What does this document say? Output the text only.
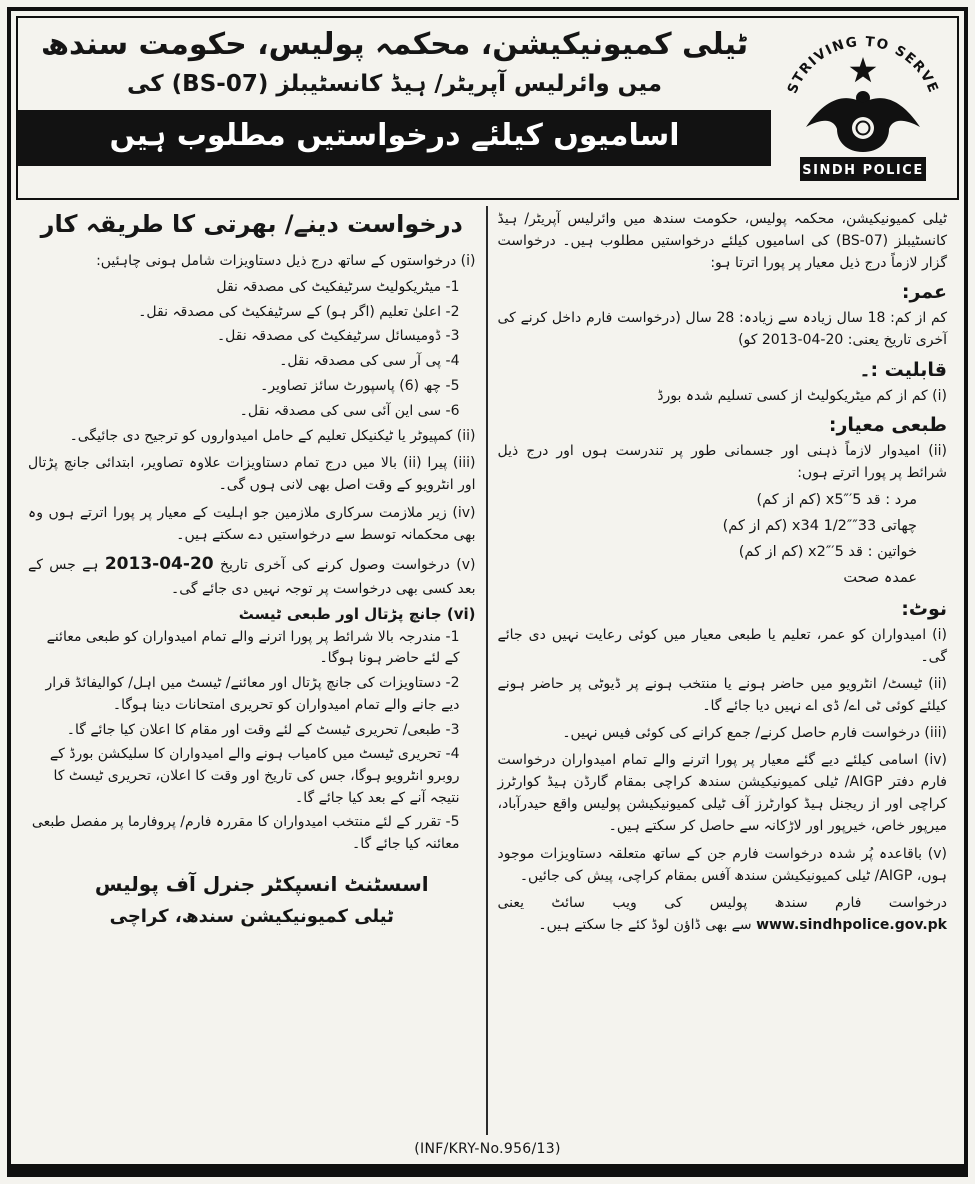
ٹیلی کمیونیکیشن، محکمہ پولیس، حکومت سندھ
میں وائرلیس آپریٹر/ ہیڈ کانسٹیبلز (BS-07) کی
اسامیوں کیلئے درخواستیں مطلوب ہیں
STRIVING TO SERVE
SINDH POLICE

ٹیلی کمیونیکیشن، محکمہ پولیس، حکومت سندھ میں وائرلیس آپریٹر/ ہیڈ کانسٹیبلز (BS-07) کی اسامیوں کیلئے درخواستیں مطلوب ہیں۔ درخواست گزار لازماً درج ذیل معیار پر پورا اترتا ہو:

عمر:

کم از کم: 18 سال زیادہ سے زیادہ: 28 سال (درخواست فارم داخل کرنے کی آخری تاریخ یعنی: 20-04-2013 کو)

قابلیت :۔

(i) کم از کم میٹریکولیٹ از کسی تسلیم شدہ بورڈ

طبعی معیار:

(ii) امیدوار لازماً ذہنی اور جسمانی طور پر تندرست ہوں اور درج ذیل شرائط پر پورا اترتے ہوں:

مرد : قد 5′x5″ (کم از کم)

چھاتی 33″x34 1/2″ (کم از کم)

خواتین : قد 5′x2″ (کم از کم)

عمدہ صحت

نوٹ:

(i) امیدواران کو عمر، تعلیم یا طبعی معیار میں کوئی رعایت نہیں دی جائے گی۔

(ii) ٹیسٹ/ انٹرویو میں حاضر ہونے یا منتخب ہونے پر ڈیوٹی پر حاضر ہونے کیلئے کوئی ٹی اے/ ڈی اے نہیں دیا جائے گا۔

(iii) درخواست فارم حاصل کرنے/ جمع کرانے کی کوئی فیس نہیں۔

(iv) اسامی کیلئے دیے گئے معیار پر پورا اترنے والے تمام امیدواران درخواست فارم دفتر AIGP/ ٹیلی کمیونیکیشن سندھ کراچی بمقام گارڈن ہیڈ کوارٹرز کراچی اور از ریجنل ہیڈ کوارٹرز آف ٹیلی کمیونیکیشن پولیس واقع حیدرآباد، میرپور خاص، خیرپور اور لاڑکانہ سے حاصل کر سکتے ہیں۔

(v) باقاعدہ پُر شدہ درخواست فارم جن کے ساتھ متعلقہ دستاویزات موجود ہوں، AIGP/ ٹیلی کمیونیکیشن سندھ آفس بمقام کراچی، پیش کی جائیں۔

درخواست فارم سندھ پولیس کی ویب سائٹ یعنی www.sindhpolice.gov.pk سے بھی ڈاؤن لوڈ کئے جا سکتے ہیں۔

درخواست دینے/ بھرتی کا طریقہ کار

(i) درخواستوں کے ساتھ درج ذیل دستاویزات شامل ہونی چاہئیں:

1- میٹریکولیٹ سرٹیفکیٹ کی مصدقہ نقل

2- اعلیٰ تعلیم (اگر ہو) کے سرٹیفکیٹ کی مصدقہ نقل۔

3- ڈومیسائل سرٹیفکیٹ کی مصدقہ نقل۔

4- پی آر سی کی مصدقہ نقل۔

5- چھ (6) پاسپورٹ سائز تصاویر۔

6- سی این آئی سی کی مصدقہ نقل۔

(ii) کمپیوٹر یا ٹیکنیکل تعلیم کے حامل امیدواروں کو ترجیح دی جائیگی۔

(iii) پیرا (ii) بالا میں درج تمام دستاویزات علاوہ تصاویر، ابتدائی جانچ پڑتال اور انٹرویو کے وقت اصل بھی لانی ہوں گی۔

(iv) زیر ملازمت سرکاری ملازمین جو اہلیت کے معیار پر پورا اترتے ہوں وہ بھی محکمانہ توسط سے درخواستیں دے سکتے ہیں۔

(v) درخواست وصول کرنے کی آخری تاریخ 20-04-2013 ہے جس کے بعد کسی بھی درخواست پر توجہ نہیں دی جائے گی۔

(vi) جانچ پڑتال اور طبعی ٹیسٹ

1- مندرجہ بالا شرائط پر پورا اترنے والے تمام امیدواران کو طبعی معائنے کے لئے حاضر ہونا ہوگا۔

2- دستاویزات کی جانچ پڑتال اور معائنے/ ٹیسٹ میں اہل/ کوالیفائڈ قرار دیے جانے والے تمام امیدواران کو تحریری امتحانات دینا ہوگا۔

3- طبعی/ تحریری ٹیسٹ کے لئے وقت اور مقام کا اعلان کیا جائے گا۔

4- تحریری ٹیسٹ میں کامیاب ہونے والے امیدواران کا سلیکشن بورڈ کے روبرو انٹرویو ہوگا، جس کی تاریخ اور وقت کا اعلان، تحریری ٹیسٹ کا نتیجہ آنے کے بعد کیا جائے گا۔

5- تقرر کے لئے منتخب امیدواران کا مقررہ فارم/ پروفارما پر مفصل طبعی معائنہ کیا جائے گا۔

اسسٹنٹ انسپکٹر جنرل آف پولیس

ٹیلی کمیونیکیشن سندھ، کراچی

(INF/KRY-No.956/13)
